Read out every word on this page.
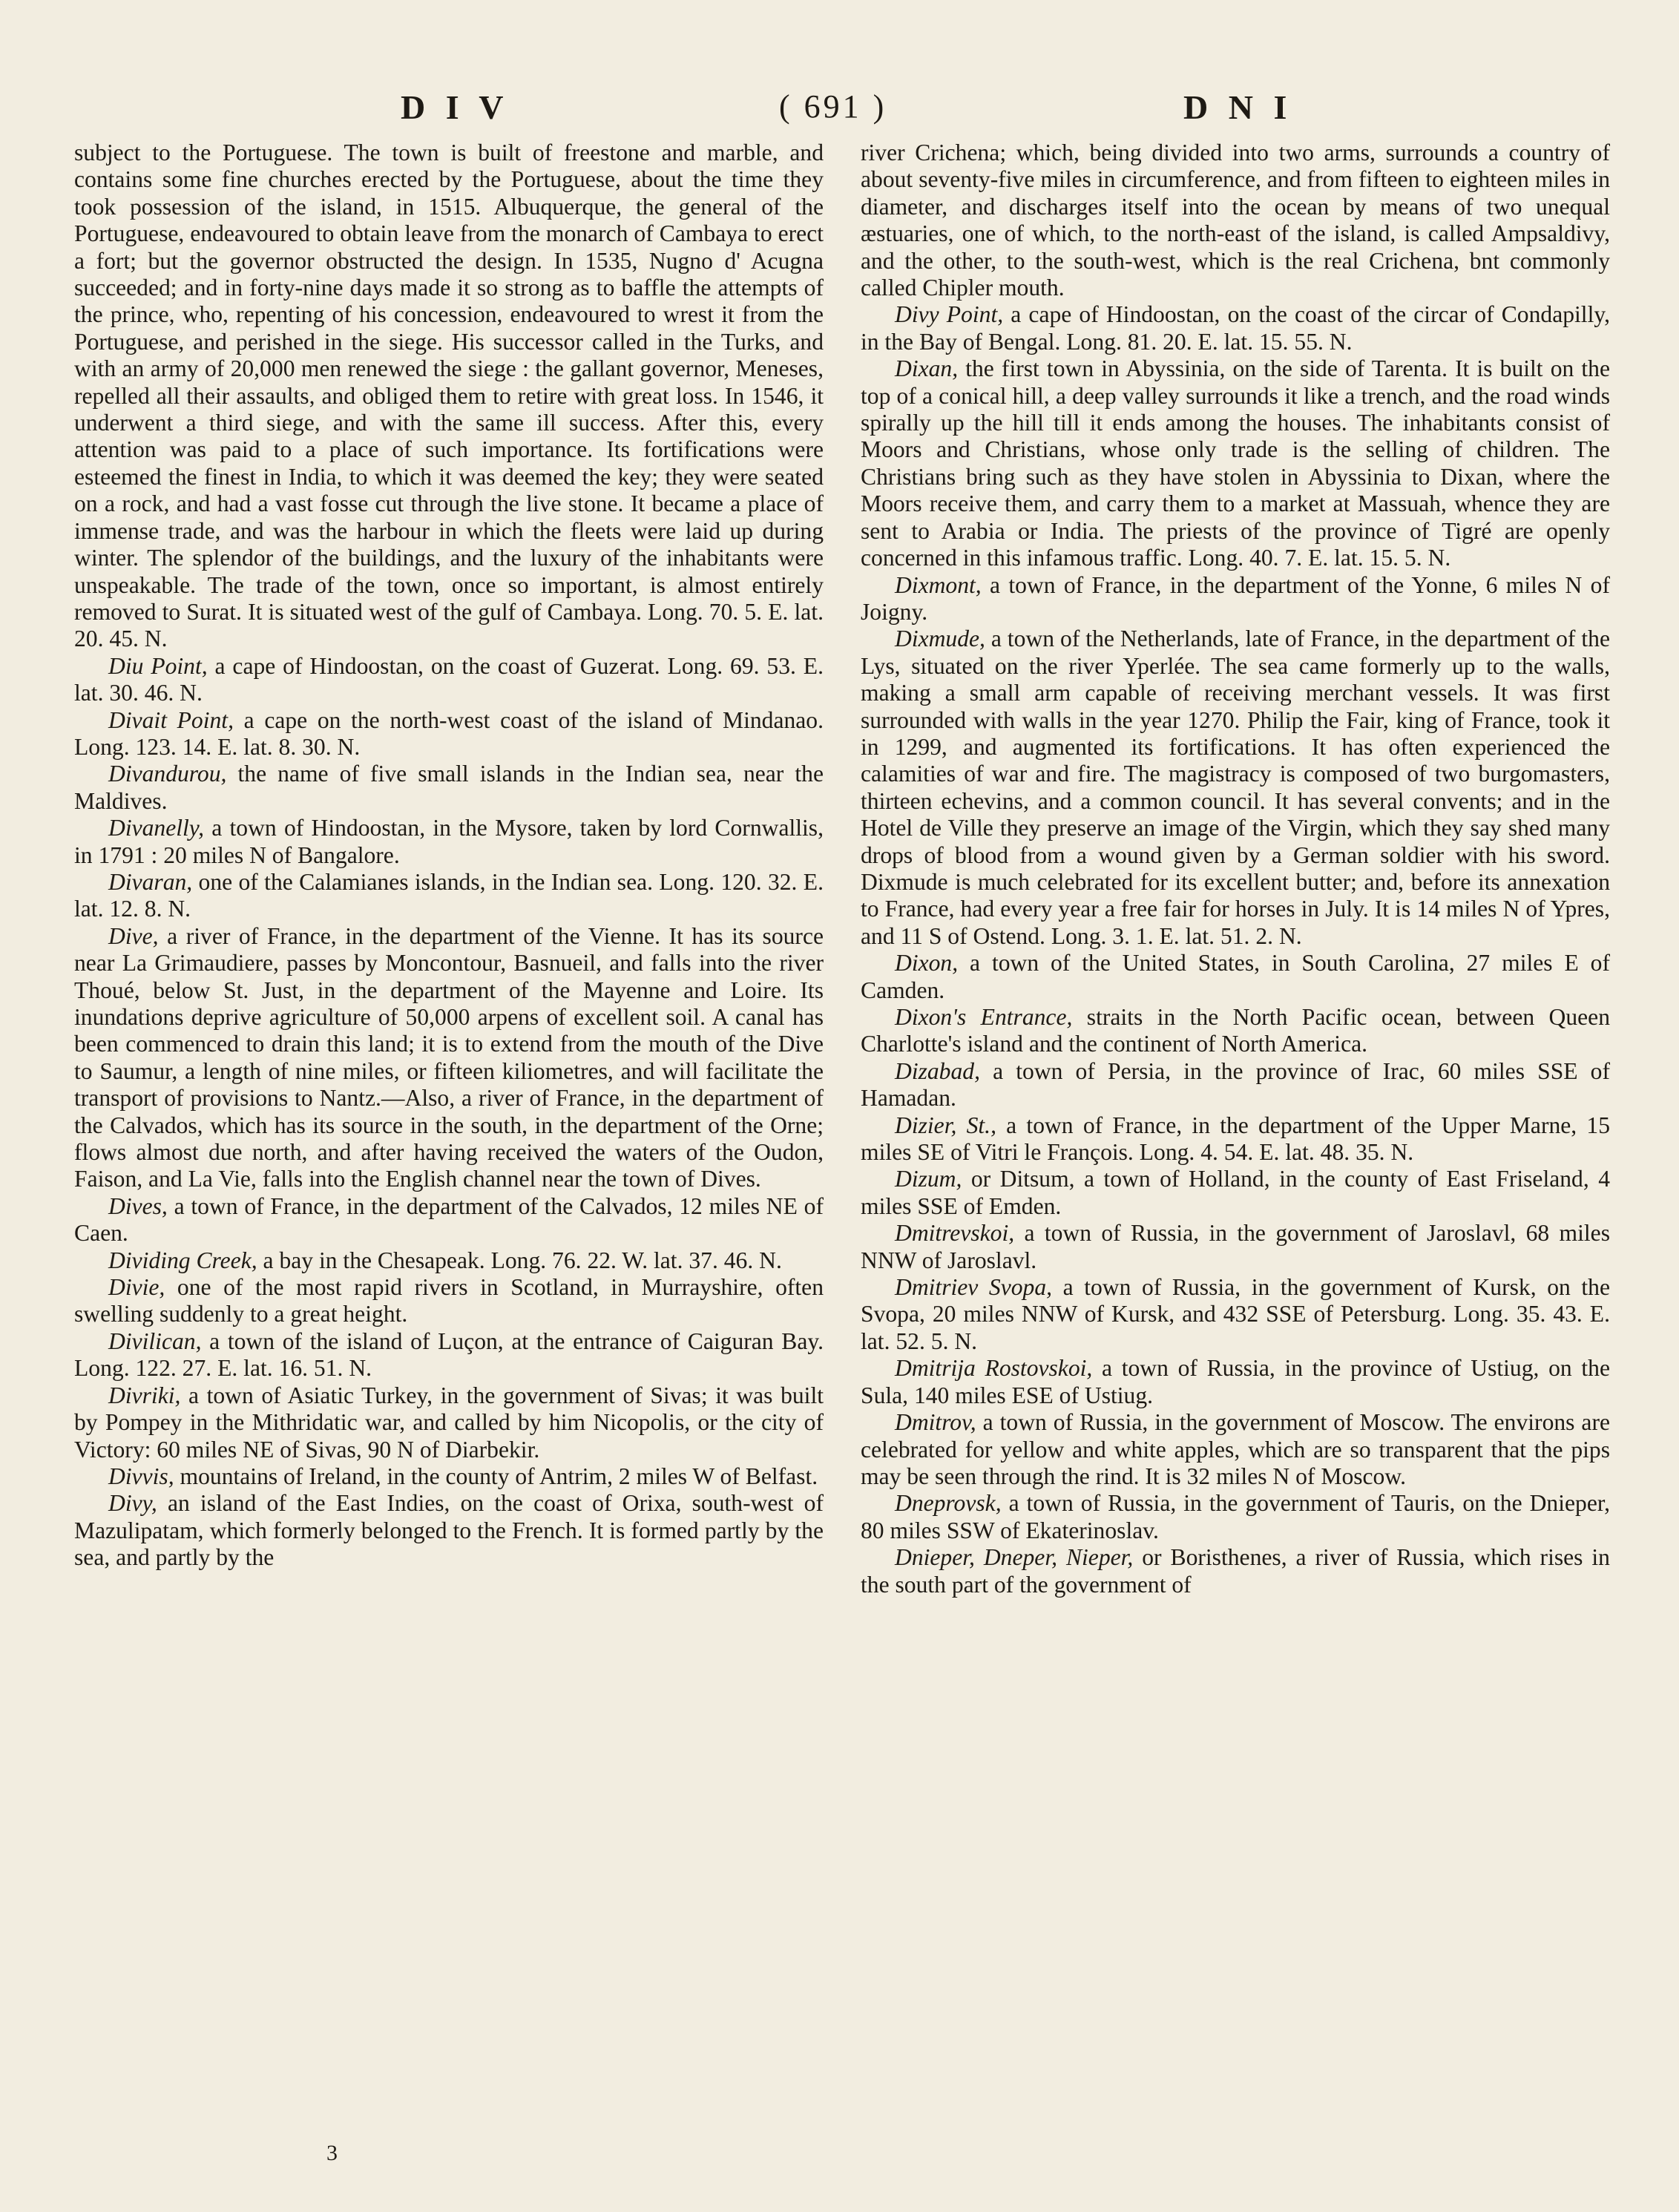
D I V	( 691 )	D N I

subject to the Portuguese. The town is built of freestone and marble, and contains some fine churches erected by the Portuguese, about the time they took possession of the island, in 1515. Albuquerque, the general of the Portuguese, endeavoured to obtain leave from the monarch of Cambaya to erect a fort; but the governor obstructed the design. In 1535, Nugno d' Acugna succeeded; and in forty-nine days made it so strong as to baffle the attempts of the prince, who, repenting of his concession, endeavoured to wrest it from the Portuguese, and perished in the siege. His successor called in the Turks, and with an army of 20,000 men renewed the siege : the gallant governor, Meneses, repelled all their assaults, and obliged them to retire with great loss. In 1546, it underwent a third siege, and with the same ill success. After this, every attention was paid to a place of such importance. Its fortifications were esteemed the finest in India, to which it was deemed the key; they were seated on a rock, and had a vast fosse cut through the live stone. It became a place of immense trade, and was the harbour in which the fleets were laid up during winter. The splendor of the buildings, and the luxury of the inhabitants were unspeakable. The trade of the town, once so important, is almost entirely removed to Surat. It is situated west of the gulf of Cambaya. Long. 70. 5. E. lat. 20. 45. N.

Diu Point, a cape of Hindoostan, on the coast of Guzerat. Long. 69. 53. E. lat. 30. 46. N.

Divait Point, a cape on the north-west coast of the island of Mindanao. Long. 123. 14. E. lat. 8. 30. N.

Divandurou, the name of five small islands in the Indian sea, near the Maldives.

Divanelly, a town of Hindoostan, in the Mysore, taken by lord Cornwallis, in 1791 : 20 miles N of Bangalore.

Divaran, one of the Calamianes islands, in the Indian sea. Long. 120. 32. E. lat. 12. 8. N.

Dive, a river of France, in the department of the Vienne. It has its source near La Grimaudiere, passes by Moncontour, Basnueil, and falls into the river Thoué, below St. Just, in the department of the Mayenne and Loire. Its inundations deprive agriculture of 50,000 arpens of excellent soil. A canal has been commenced to drain this land; it is to extend from the mouth of the Dive to Saumur, a length of nine miles, or fifteen kiliometres, and will facilitate the transport of provisions to Nantz.—Also, a river of France, in the department of the Calvados, which has its source in the south, in the department of the Orne; flows almost due north, and after having received the waters of the Oudon, Faison, and La Vie, falls into the English channel near the town of Dives.

Dives, a town of France, in the department of the Calvados, 12 miles NE of Caen.

Dividing Creek, a bay in the Chesapeak. Long. 76. 22. W. lat. 37. 46. N.

Divie, one of the most rapid rivers in Scotland, in Murrayshire, often swelling suddenly to a great height.

Divilican, a town of the island of Luçon, at the entrance of Caiguran Bay. Long. 122. 27. E. lat. 16. 51. N.

Divriki, a town of Asiatic Turkey, in the government of Sivas; it was built by Pompey in the Mithridatic war, and called by him Nicopolis, or the city of Victory: 60 miles NE of Sivas, 90 N of Diarbekir.

Divvis, mountains of Ireland, in the county of Antrim, 2 miles W of Belfast.

Divy, an island of the East Indies, on the coast of Orixa, south-west of Mazulipatam, which formerly belonged to the French. It is formed partly by the sea, and partly by the

river Crichena; which, being divided into two arms, surrounds a country of about seventy-five miles in circumference, and from fifteen to eighteen miles in diameter, and discharges itself into the ocean by means of two unequal æstuaries, one of which, to the north-east of the island, is called Ampsaldivy, and the other, to the south-west, which is the real Crichena, bnt commonly called Chipler mouth.

Divy Point, a cape of Hindoostan, on the coast of the circar of Condapilly, in the Bay of Bengal. Long. 81. 20. E. lat. 15. 55. N.

Dixan, the first town in Abyssinia, on the side of Tarenta. It is built on the top of a conical hill, a deep valley surrounds it like a trench, and the road winds spirally up the hill till it ends among the houses. The inhabitants consist of Moors and Christians, whose only trade is the selling of children. The Christians bring such as they have stolen in Abyssinia to Dixan, where the Moors receive them, and carry them to a market at Massuah, whence they are sent to Arabia or India. The priests of the province of Tigré are openly concerned in this infamous traffic. Long. 40. 7. E. lat. 15. 5. N.

Dixmont, a town of France, in the department of the Yonne, 6 miles N of Joigny.

Dixmude, a town of the Netherlands, late of France, in the department of the Lys, situated on the river Yperlée. The sea came formerly up to the walls, making a small arm capable of receiving merchant vessels. It was first surrounded with walls in the year 1270. Philip the Fair, king of France, took it in 1299, and augmented its fortifications. It has often experienced the calamities of war and fire. The magistracy is composed of two burgomasters, thirteen echevins, and a common council. It has several convents; and in the Hotel de Ville they preserve an image of the Virgin, which they say shed many drops of blood from a wound given by a German soldier with his sword. Dixmude is much celebrated for its excellent butter; and, before its annexation to France, had every year a free fair for horses in July. It is 14 miles N of Ypres, and 11 S of Ostend. Long. 3. 1. E. lat. 51. 2. N.

Dixon, a town of the United States, in South Carolina, 27 miles E of Camden.

Dixon's Entrance, straits in the North Pacific ocean, between Queen Charlotte's island and the continent of North America.

Dizabad, a town of Persia, in the province of Irac, 60 miles SSE of Hamadan.

Dizier, St., a town of France, in the department of the Upper Marne, 15 miles SE of Vitri le François. Long. 4. 54. E. lat. 48. 35. N.

Dizum, or Ditsum, a town of Holland, in the county of East Friseland, 4 miles SSE of Emden.

Dmitrevskoi, a town of Russia, in the government of Jaroslavl, 68 miles NNW of Jaroslavl.

Dmitriev Svopa, a town of Russia, in the government of Kursk, on the Svopa, 20 miles NNW of Kursk, and 432 SSE of Petersburg. Long. 35. 43. E. lat. 52. 5. N.

Dmitrija Rostovskoi, a town of Russia, in the province of Ustiug, on the Sula, 140 miles ESE of Ustiug.

Dmitrov, a town of Russia, in the government of Moscow. The environs are celebrated for yellow and white apples, which are so transparent that the pips may be seen through the rind. It is 32 miles N of Moscow.

Dneprovsk, a town of Russia, in the government of Tauris, on the Dnieper, 80 miles SSW of Ekaterinoslav.

Dnieper, Dneper, Nieper, or Boristhenes, a river of Russia, which rises in the south part of the government of

3
